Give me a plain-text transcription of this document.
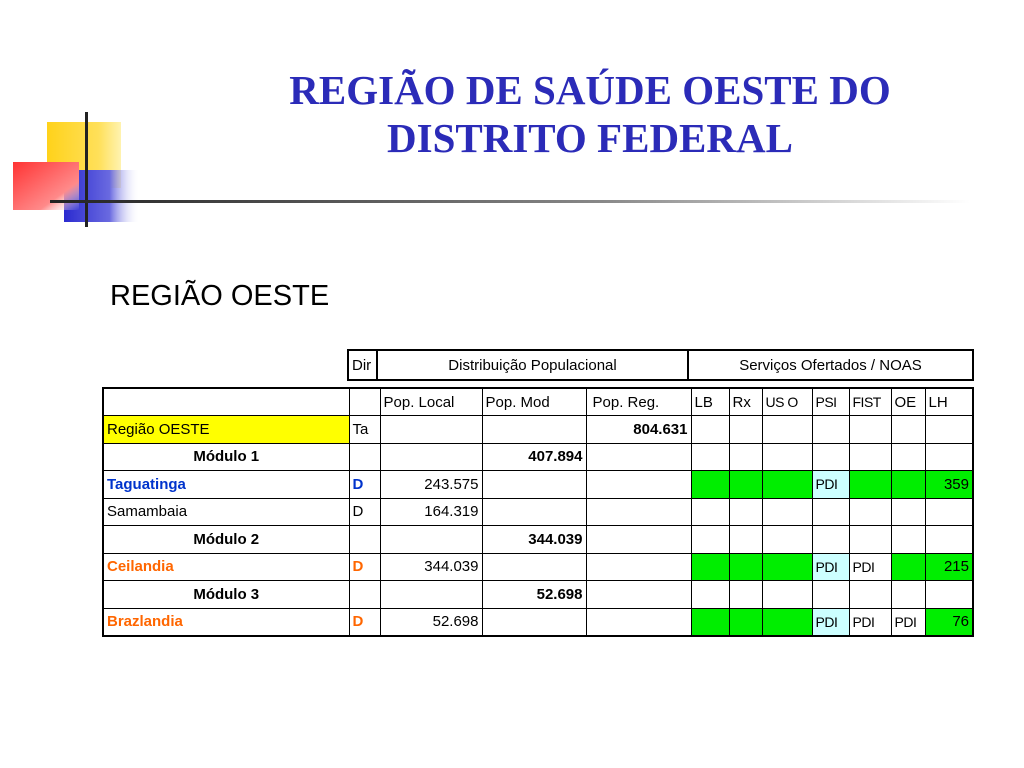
REGIÃO DE SAÚDE OESTE DO
DISTRITO FEDERAL
REGIÃO OESTE
Dir	Distribuição Populacional	Serviços Ofertados / NOAS
		Pop. Local	Pop. Mod	Pop. Reg.	LB	Rx	US O	PSI	FIST	OE	LH
Região OESTE	Ta			804.631							
Módulo 1			407.894								
Taguatinga	D	243.575						PDI			359
Samambaia	D	164.319									
Módulo 2			344.039								
Ceilandia	D	344.039						PDI	PDI		215
Módulo 3			52.698								
Brazlandia	D	52.698						PDI	PDI	PDI	76
